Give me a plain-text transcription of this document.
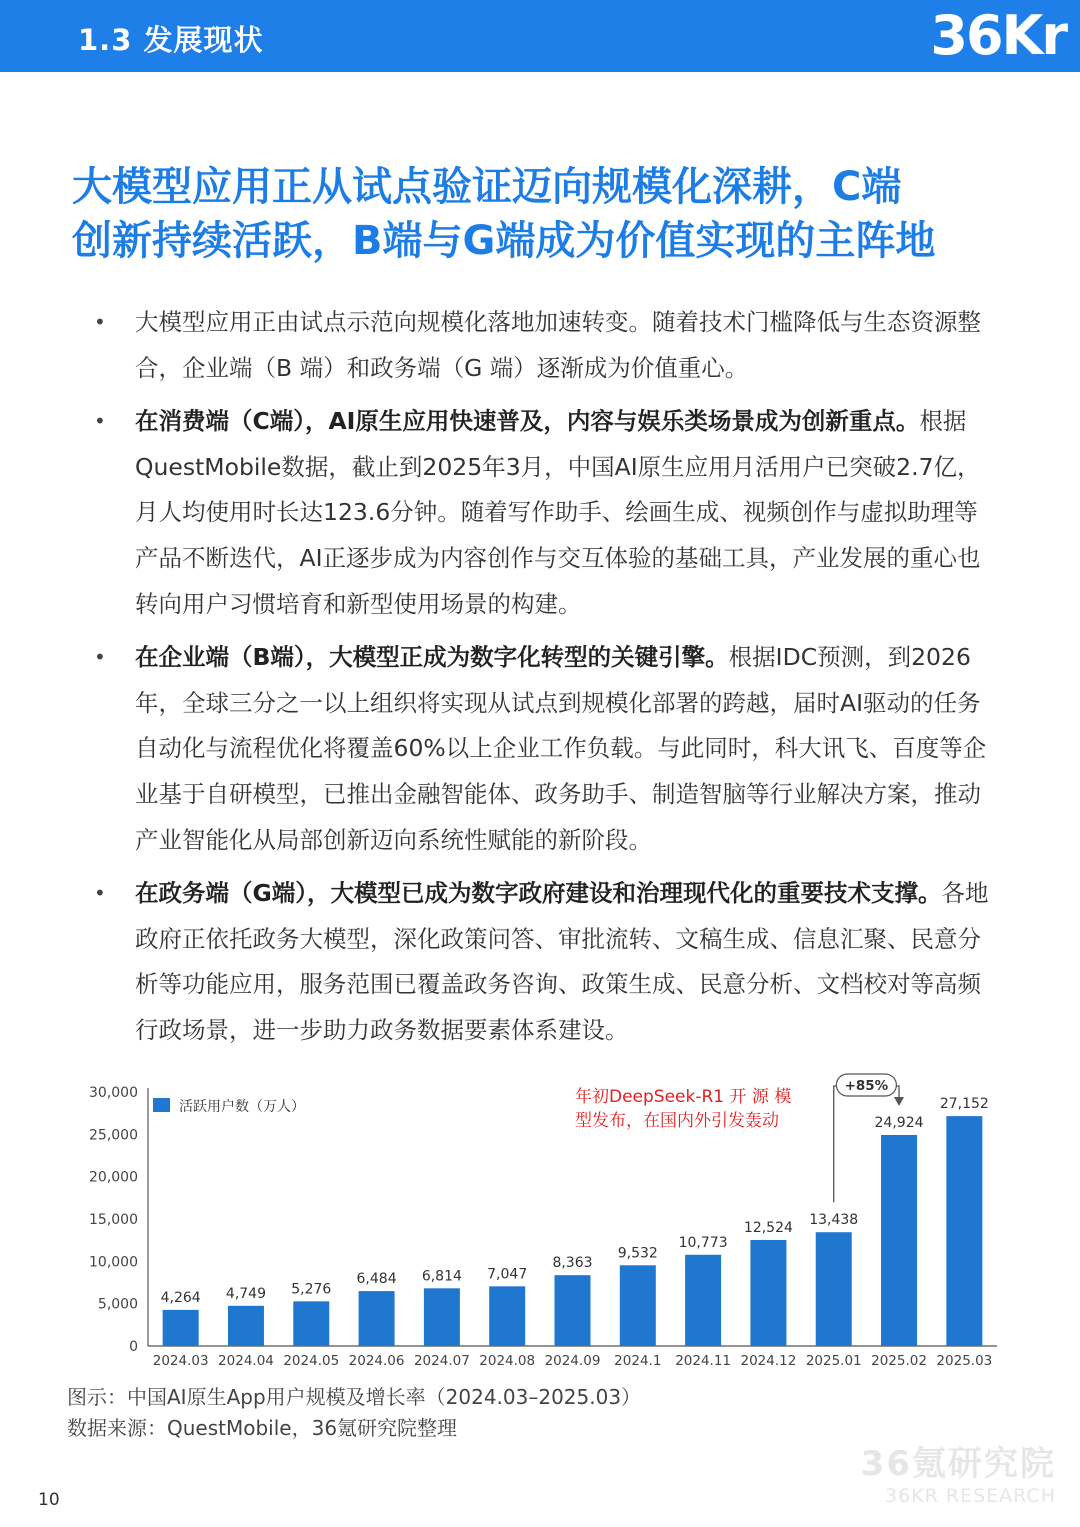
1.3 发展现状	36Kr
大模型应用正从试点验证迈向规模化深耕，C端
创新持续活跃，B端与G端成为价值实现的主阵地
• 大模型应用正由试点示范向规模化落地加速转变。随着技术门槛降低与生态资源整合，企业端（B 端）和政务端（G 端）逐渐成为价值重心。
• 在消费端（C端），AI原生应用快速普及，内容与娱乐类场景成为创新重点。根据QuestMobile数据，截止到2025年3月，中国AI原生应用月活用户已突破2.7亿，月人均使用时长达123.6分钟。随着写作助手、绘画生成、视频创作与虚拟助理等产品不断迭代，AI正逐步成为内容创作与交互体验的基础工具，产业发展的重心也转向用户习惯培育和新型使用场景的构建。
• 在企业端（B端），大模型正成为数字化转型的关键引擎。根据IDC预测，到2026年，全球三分之一以上组织将实现从试点到规模化部署的跨越，届时AI驱动的任务自动化与流程优化将覆盖60%以上企业工作负载。与此同时，科大讯飞、百度等企业基于自研模型，已推出金融智能体、政务助手、制造智脑等行业解决方案，推动产业智能化从局部创新迈向系统性赋能的新阶段。
• 在政务端（G端），大模型已成为数字政府建设和治理现代化的重要技术支撑。各地政府正依托政务大模型，深化政策问答、审批流转、文稿生成、信息汇聚、民意分析等功能应用，服务范围已覆盖政务咨询、政策生成、民意分析、文档校对等高频行政场景，进一步助力政务数据要素体系建设。
0
5,000
10,000
15,000
20,000
25,000
30,000
4,264
2024.03
4,749
2024.04
5,276
2024.05
6,484
2024.06
6,814
2024.07
7,047
2024.08
8,363
2024.09
9,532
2024.1
10,773
2024.11
12,524
2024.12
13,438
2025.01
24,924
2025.02
27,152
2025.03
活跃用户数（万人）	年初DeepSeek-R1 开 源 模
型发布，在国内外引发轰动
+85%
图示：中国AI原生App用户规模及增长率（2024.03–2025.03）
数据来源：QuestMobile，36氪研究院整理
36氪研究院
36KR RESEARCH
10
